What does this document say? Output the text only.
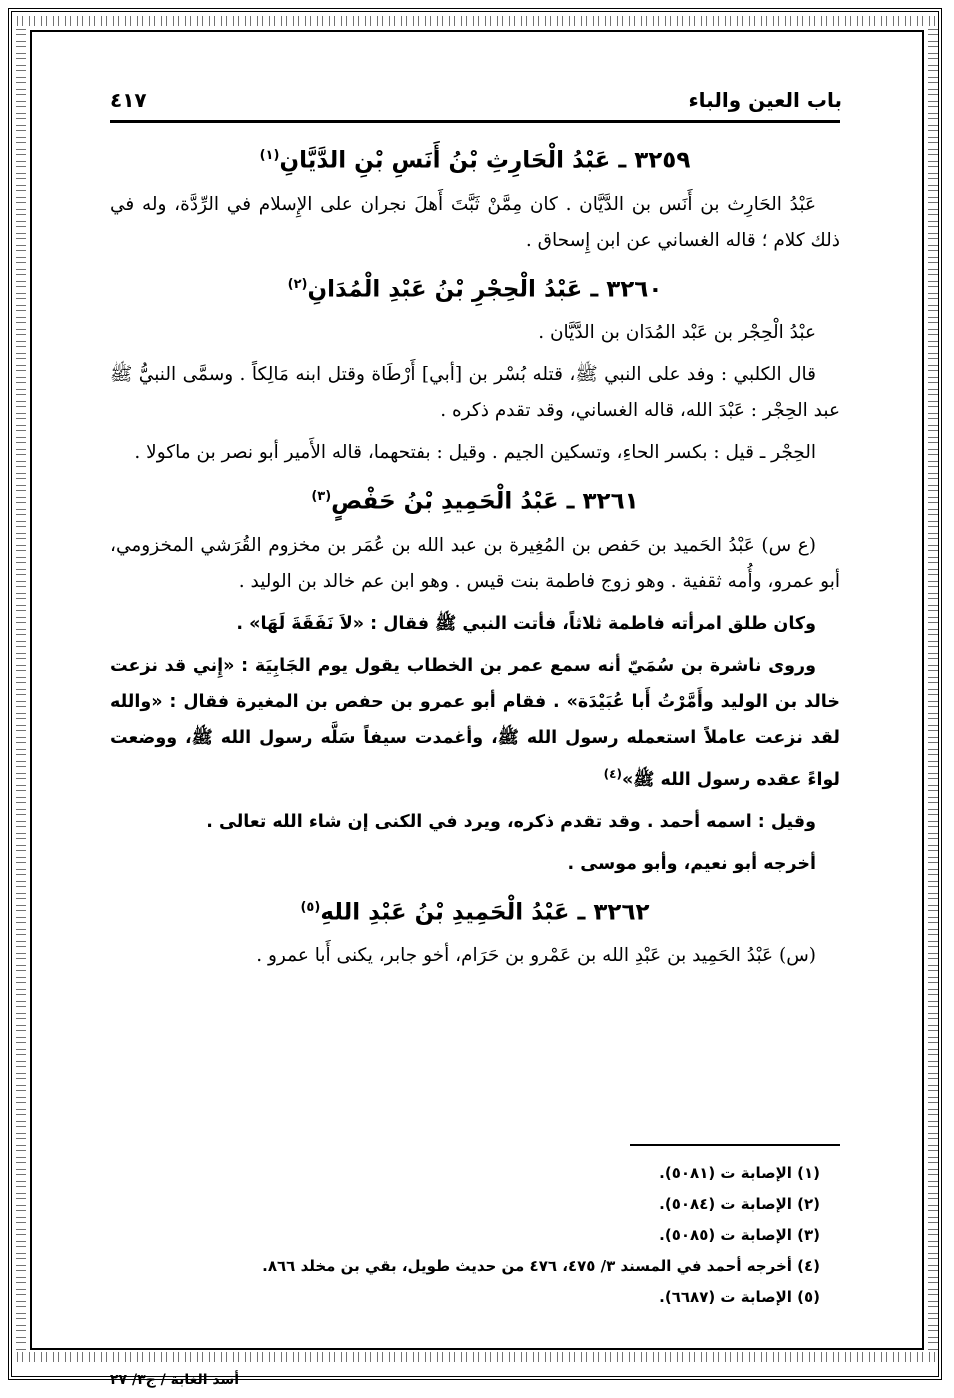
باب العين والباء
٤١٧
٣٢٥٩ ـ عَبْدُ الْحَارِثِ بْنُ أَنَسِ بْنِ الدَّيَّانِ$^{(١)}$

عَبْدُ الحَارِث بن أَنَس بن الدَّيَّان . كان مِمَّنْ ثَبَّتَ أَهلَ نجران على الإِسلام في الرِّدَّة، وله في ذلك كلام ؛ قاله الغساني عن ابن إِسحاق .

٣٢٦٠ ـ عَبْدُ الْحِجْرِ بْنُ عَبْدِ الْمُدَانِ$^{(٢)}$

عبْدُ الْحِجْر بن عَبْد المُدَان بن الدَّيَّان .

قال الكلبي : وفد على النبي ﷺ، قتله بُسْر بن [أبي] أَرْطَاة وقتل ابنه مَالِكاً . وسمَّى النبيُّ ﷺ عبد الحِجْر : عَبْدَ الله، قاله الغساني، وقد تقدم ذكره .

الحِجْر ـ قيل : بكسر الحاءِ، وتسكين الجيم . وقيل : بفتحهما، قاله الأَمير أبو نصر بن ماكولا .

٣٢٦١ ـ عَبْدُ الْحَمِيدِ بْنُ حَفْصٍ$^{(٣)}$

(ع س) عَبْدُ الحَميد بن حَفص بن المُغِيرة بن عبد الله بن عُمَر بن مخزوم القُرَشي المخزومي، أبو عمرو، وأُمه ثقفية . وهو زوج فاطمة بنت قيس . وهو ابن عم خالد بن الوليد .

وكان طلق امرأته فاطمة ثلاثاً، فأتت النبي ﷺ فقال : «لاَ نَفَقَةَ لَهَا» .

وروى ناشرة بن سُمَيّ أنه سمع عمر بن الخطاب يقول يوم الجَابِيَة : «إِني قد نزعت خالد بن الوليد وأَمَّرْتُ أَبا عُبَيْدَة» . فقام أبو عمرو بن حفص بن المغيرة فقال : «والله لقد نزعت عاملاً استعمله رسول الله ﷺ، وأغمدت سيفاً سَلَّه رسول الله ﷺ، ووضعت لواءً عقده رسول الله ﷺ»$^{(٤)}$

وقيل : اسمه أحمد . وقد تقدم ذكره، ويرد في الكنى إن شاء الله تعالى .

أخرجه أبو نعيم، وأبو موسى .

٣٢٦٢ ـ عَبْدُ الْحَمِيدِ بْنُ عَبْدِ اللهِ$^{(٥)}$

(س) عَبْدُ الحَمِيد بن عَبْدِ الله بن عَمْرو بن حَرَام، أخو جابر، يكنى أَبا عمرو .

(١) الإصابة ت (٥٠٨١).
(٢) الإصابة ت (٥٠٨٤).
(٣) الإصابة ت (٥٠٨٥).
(٤) أخرجه أحمد في المسند ٣/ ٤٧٥، ٤٧٦ من حديث طويل، بقي بن مخلد ٨٦٦.
(٥) الإصابة ت (٦٦٨٧).
أسد الغابة / ج٣/ ٢٧
